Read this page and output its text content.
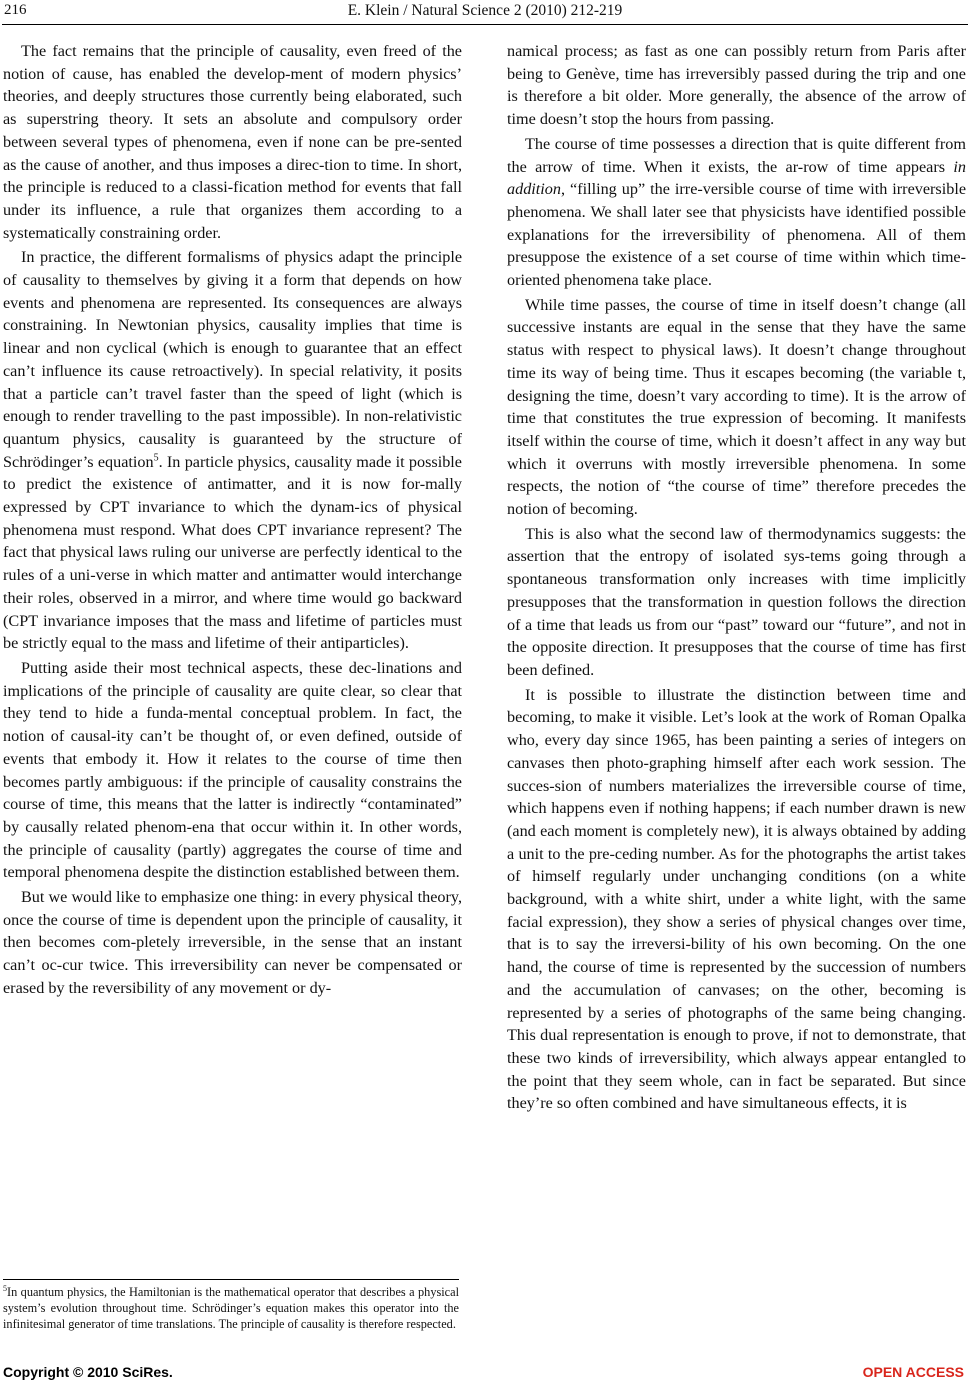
216	E. Klein / Natural Science 2 (2010) 212-219

The fact remains that the principle of causality, even freed of the notion of cause, has enabled the develop-ment of modern physics’ theories, and deeply structures those currently being elaborated, such as superstring theory. It sets an absolute and compulsory order between several types of phenomena, even if none can be pre-sented as the cause of another, and thus imposes a direc-tion to time. In short, the principle is reduced to a classi-fication method for events that fall under its influence, a rule that organizes them according to a systematically constraining order.

In practice, the different formalisms of physics adapt the principle of causality to themselves by giving it a form that depends on how events and phenomena are represented. Its consequences are always constraining. In Newtonian physics, causality implies that time is linear and non cyclical (which is enough to guarantee that an effect can’t influence its cause retroactively). In special relativity, it posits that a particle can’t travel faster than the speed of light (which is enough to render travelling to the past impossible). In non-relativistic quantum physics, causality is guaranteed by the structure of Schrödinger’s equation$^5$. In particle physics, causality made it possible to predict the existence of antimatter, and it is now for-mally expressed by CPT invariance to which the dynam-ics of physical phenomena must respond. What does CPT invariance represent? The fact that physical laws ruling our universe are perfectly identical to the rules of a uni-verse in which matter and antimatter would interchange their roles, observed in a mirror, and where time would go backward (CPT invariance imposes that the mass and lifetime of particles must be strictly equal to the mass and lifetime of their antiparticles).

Putting aside their most technical aspects, these dec-linations and implications of the principle of causality are quite clear, so clear that they tend to hide a funda-mental conceptual problem. In fact, the notion of causal-ity can’t be thought of, or even defined, outside of events that embody it. How it relates to the course of time then becomes partly ambiguous: if the principle of causality constrains the course of time, this means that the latter is indirectly “contaminated” by causally related phenom-ena that occur within it. In other words, the principle of causality (partly) aggregates the course of time and temporal phenomena despite the distinction established between them.

But we would like to emphasize one thing: in every physical theory, once the course of time is dependent upon the principle of causality, it then becomes com-pletely irreversible, in the sense that an instant can’t oc-cur twice. This irreversibility can never be compensated or erased by the reversibility of any movement or dy-

namical process; as fast as one can possibly return from Paris after being to Genève, time has irreversibly passed during the trip and one is therefore a bit older. More generally, the absence of the arrow of time doesn’t stop the hours from passing.

The course of time possesses a direction that is quite different from the arrow of time. When it exists, the ar-row of time appears in addition, “filling up” the irre-versible course of time with irreversible phenomena. We shall later see that physicists have identified possible explanations for the irreversibility of phenomena. All of them presuppose the existence of a set course of time within which time-oriented phenomena take place.

While time passes, the course of time in itself doesn’t change (all successive instants are equal in the sense that they have the same status with respect to physical laws). It doesn’t change throughout time its way of being time. Thus it escapes becoming (the variable t, designing the time, doesn’t vary according to time). It is the arrow of time that constitutes the true expression of becoming. It manifests itself within the course of time, which it doesn’t affect in any way but which it overruns with mostly irreversible phenomena. In some respects, the notion of “the course of time” therefore precedes the notion of becoming.

This is also what the second law of thermodynamics suggests: the assertion that the entropy of isolated sys-tems going through a spontaneous transformation only increases with time implicitly presupposes that the transformation in question follows the direction of a time that leads us from our “past” toward our “future”, and not in the opposite direction. It presupposes that the course of time has first been defined.

It is possible to illustrate the distinction between time and becoming, to make it visible. Let’s look at the work of Roman Opalka who, every day since 1965, has been painting a series of integers on canvases then photo-graphing himself after each work session. The succes-sion of numbers materializes the irreversible course of time, which happens even if nothing happens; if each number drawn is new (and each moment is completely new), it is always obtained by adding a unit to the pre-ceding number. As for the photographs the artist takes of himself regularly under unchanging conditions (on a white background, with a white shirt, under a white light, with the same facial expression), they show a series of physical changes over time, that is to say the irreversi-bility of his own becoming. On the one hand, the course of time is represented by the succession of numbers and the accumulation of canvases; on the other, becoming is represented by a series of photographs of the same being changing. This dual representation is enough to prove, if not to demonstrate, that these two kinds of irreversibility, which always appear entangled to the point that they seem whole, can in fact be separated. But since they’re so often combined and have simultaneous effects, it is

$^5$In quantum physics, the Hamiltonian is the mathematical operator that describes a physical system’s evolution throughout time. Schrödinger’s equation makes this operator into the infinitesimal generator of time translations. The principle of causality is therefore respected.
Copyright © 2010 SciRes.	OPEN ACCESS
